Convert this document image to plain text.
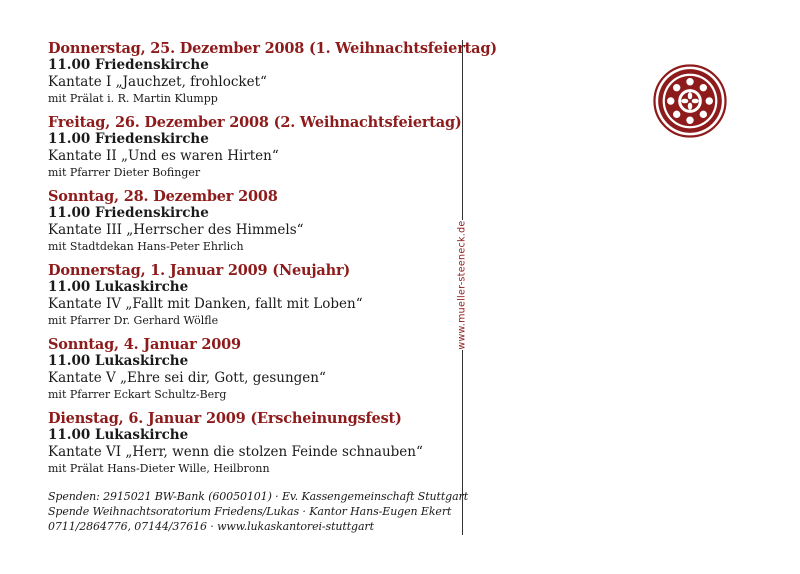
Donnerstag, 25. Dezember 2008 (1. Weihnachtsfeiertag)
11.00 Friedenskirche
Kantate I „Jauchzet, frohlocket“
mit Prälat i. R. Martin Klumpp
Freitag, 26. Dezember 2008 (2. Weihnachtsfeiertag)
11.00 Friedenskirche
Kantate II „Und es waren Hirten“
mit Pfarrer Dieter Bofinger
Sonntag, 28. Dezember 2008
11.00 Friedenskirche
Kantate III „Herrscher des Himmels“
mit Stadtdekan Hans-Peter Ehrlich
Donnerstag, 1. Januar 2009 (Neujahr)
11.00 Lukaskirche
Kantate IV „Fallt mit Danken, fallt mit Loben“
mit Pfarrer Dr. Gerhard Wölfle
Sonntag, 4. Januar 2009
11.00 Lukaskirche
Kantate V „Ehre sei dir, Gott, gesungen“
mit Pfarrer Eckart Schultz-Berg
Dienstag, 6. Januar 2009 (Erscheinungsfest)
11.00 Lukaskirche
Kantate VI „Herr, wenn die stolzen Feinde schnauben“
mit Prälat Hans-Dieter Wille, Heilbronn
Spenden: 2915021 BW-Bank (60050101) · Ev. Kassengemeinschaft Stuttgart
Spende Weihnachtsoratorium Friedens/Lukas · Kantor Hans-Eugen Ekert
0711/2864776, 07144/37616 · www.lukaskantorei-stuttgart
www.mueller-steeneck.de
